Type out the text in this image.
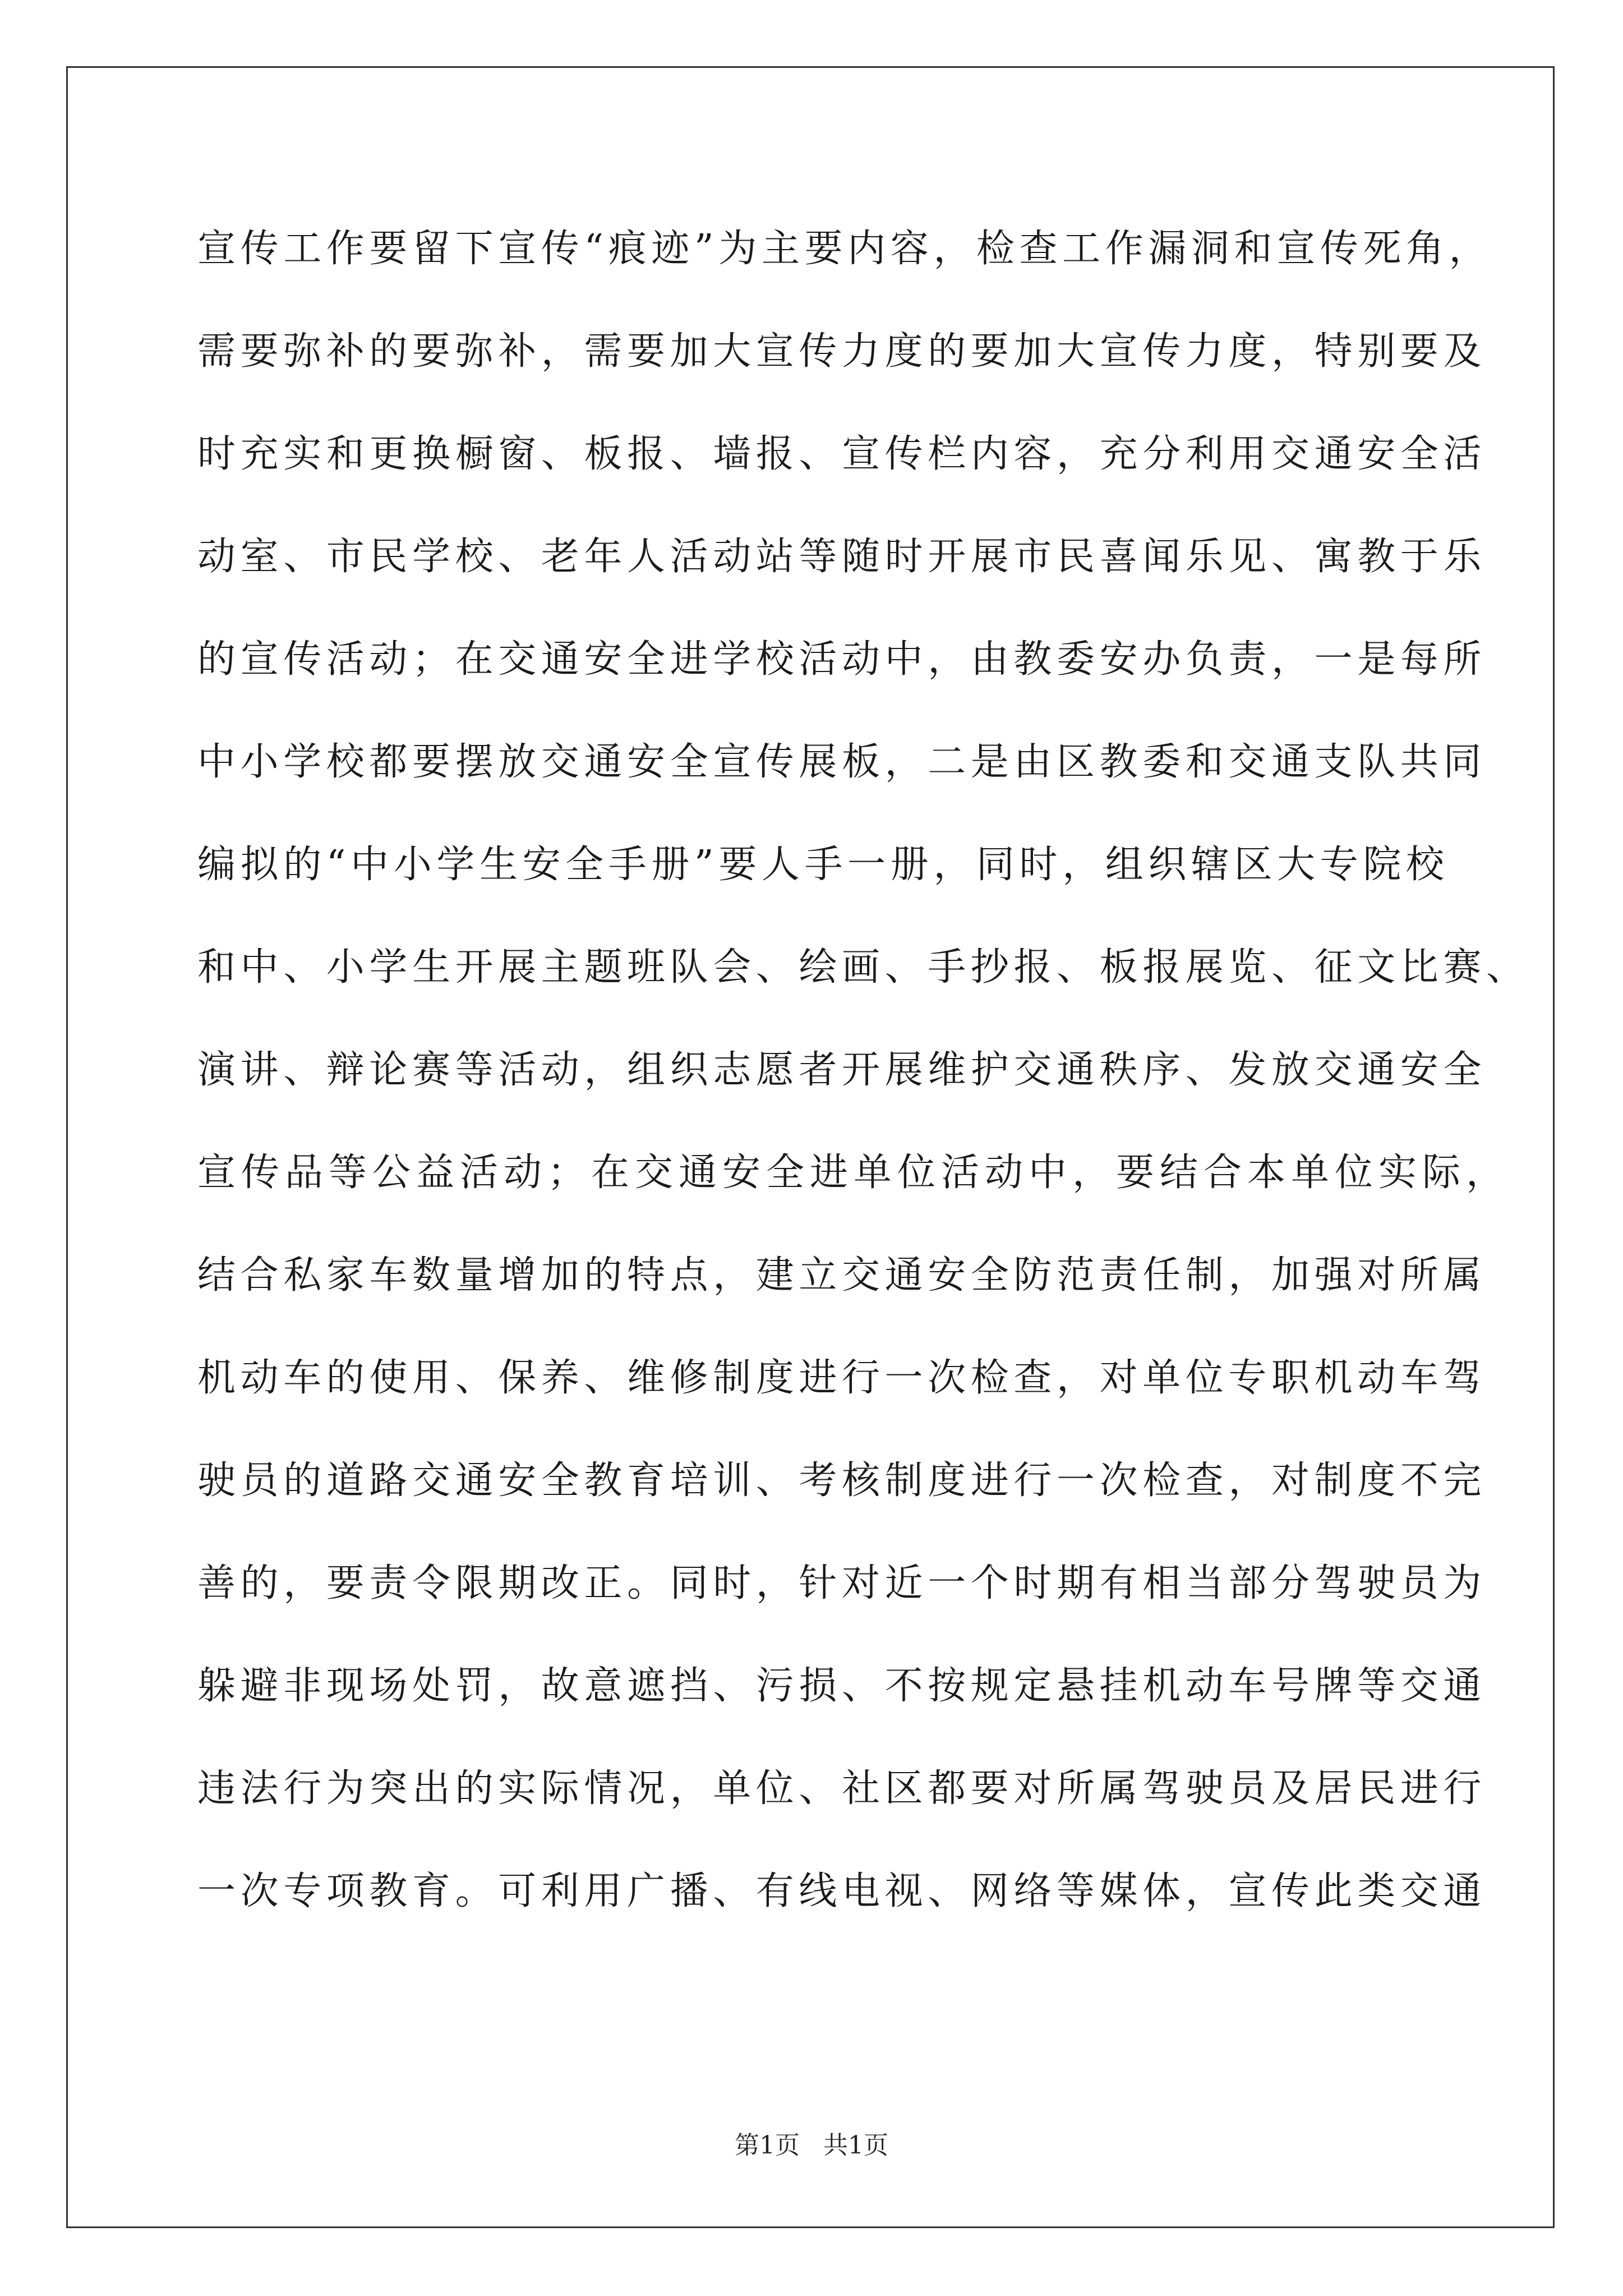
宣传工作要留下宣传“痕迹”为主要内容，检查工作漏洞和宣传死角，
需要弥补的要弥补，需要加大宣传力度的要加大宣传力度，特别要及
时充实和更换橱窗、板报、墙报、宣传栏内容，充分利用交通安全活
动室、市民学校、老年人活动站等随时开展市民喜闻乐见、寓教于乐
的宣传活动；在交通安全进学校活动中，由教委安办负责，一是每所
中小学校都要摆放交通安全宣传展板，二是由区教委和交通支队共同
编拟的“中小学生安全手册”要人手一册，同时，组织辖区大专院校
和中、小学生开展主题班队会、绘画、手抄报、板报展览、征文比赛、
演讲、辩论赛等活动，组织志愿者开展维护交通秩序、发放交通安全
宣传品等公益活动；在交通安全进单位活动中，要结合本单位实际，
结合私家车数量增加的特点，建立交通安全防范责任制，加强对所属
机动车的使用、保养、维修制度进行一次检查，对单位专职机动车驾
驶员的道路交通安全教育培训、考核制度进行一次检查，对制度不完
善的，要责令限期改正。同时，针对近一个时期有相当部分驾驶员为
躲避非现场处罚，故意遮挡、污损、不按规定悬挂机动车号牌等交通
违法行为突出的实际情况，单位、社区都要对所属驾驶员及居民进行
一次专项教育。可利用广播、有线电视、网络等媒体，宣传此类交通
第1页   共1页
